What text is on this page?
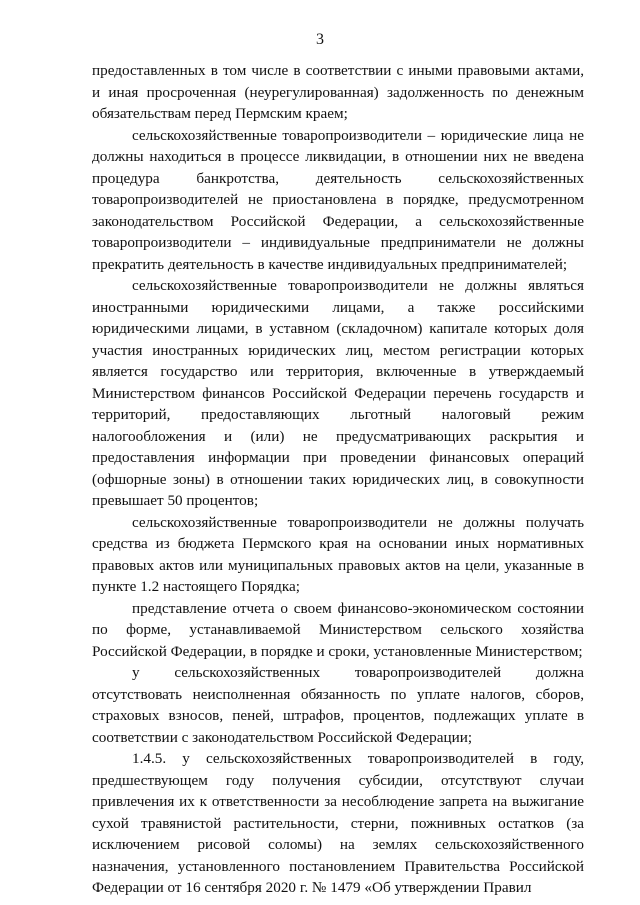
3

предоставленных в том числе в соответствии с иными правовыми актами, и иная просроченная (неурегулированная) задолженность по денежным обязательствам перед Пермским краем;

сельскохозяйственные товаропроизводители – юридические лица не должны находиться в процессе ликвидации, в отношении них не введена процедура банкротства, деятельность сельскохозяйственных товаропроизводителей не приостановлена в порядке, предусмотренном законодательством Российской Федерации, а сельскохозяйственные товаропроизводители – индивидуальные предприниматели не должны прекратить деятельность в качестве индивидуальных предпринимателей;

сельскохозяйственные товаропроизводители не должны являться иностранными юридическими лицами, а также российскими юридическими лицами, в уставном (складочном) капитале которых доля участия иностранных юридических лиц, местом регистрации которых является государство или территория, включенные в утверждаемый Министерством финансов Российской Федерации перечень государств и территорий, предоставляющих льготный налоговый режим налогообложения и (или) не предусматривающих раскрытия и предоставления информации при проведении финансовых операций (офшорные зоны) в отношении таких юридических лиц, в совокупности превышает 50 процентов;

сельскохозяйственные товаропроизводители не должны получать средства из бюджета Пермского края на основании иных нормативных правовых актов или муниципальных правовых актов на цели, указанные в пункте 1.2 настоящего Порядка;

представление отчета о своем финансово-экономическом состоянии по форме, устанавливаемой Министерством сельского хозяйства Российской Федерации, в порядке и сроки, установленные Министерством;

у сельскохозяйственных товаропроизводителей должна отсутствовать неисполненная обязанность по уплате налогов, сборов, страховых взносов, пеней, штрафов, процентов, подлежащих уплате в соответствии с законодательством Российской Федерации;

1.4.5. у сельскохозяйственных товаропроизводителей в году, предшествующем году получения субсидии, отсутствуют случаи привлечения их к ответственности за несоблюдение запрета на выжигание сухой травянистой растительности, стерни, пожнивных остатков (за исключением рисовой соломы) на землях сельскохозяйственного назначения, установленного постановлением Правительства Российской Федерации от 16 сентября 2020 г. № 1479 «Об утверждении Правил
